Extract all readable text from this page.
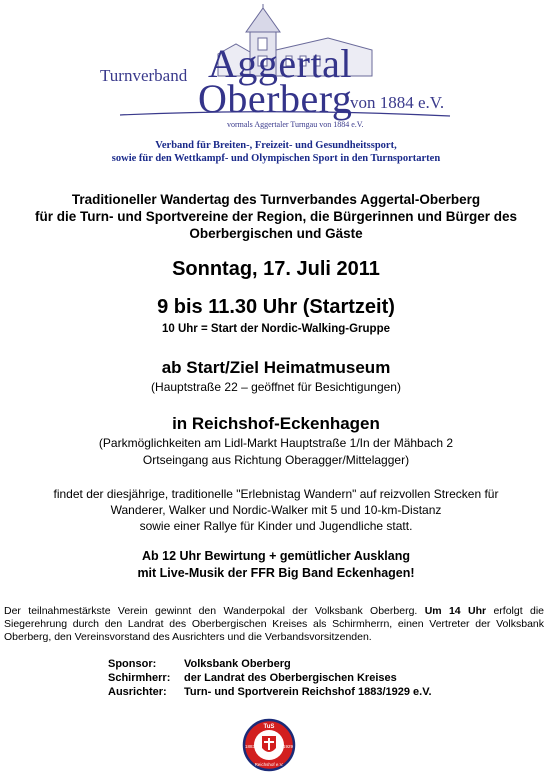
Turnverband Aggertal
Oberberg
von 1884 e.V.
vormals Aggertaler Turngau von 1884 e.V.
Verband für Breiten-, Freizeit- und Gesundheitssport,
sowie für den Wettkampf- und Olympischen Sport in den Turnsportarten
Traditioneller Wandertag des Turnverbandes Aggertal-Oberberg
für die Turn- und Sportvereine der Region, die Bürgerinnen und Bürger des
Oberbergischen und Gäste
Sonntag, 17. Juli 2011
9 bis 11.30 Uhr (Startzeit)
10 Uhr = Start der Nordic-Walking-Gruppe
ab Start/Ziel Heimatmuseum
(Hauptstraße 22 – geöffnet für Besichtigungen)
in Reichshof-Eckenhagen
(Parkmöglichkeiten am Lidl-Markt Hauptstraße 1/In der Mähbach 2
Ortseingang aus Richtung Oberagger/Mittelagger)
findet der diesjährige, traditionelle "Erlebnistag Wandern" auf reizvollen Strecken für
Wanderer, Walker und Nordic-Walker mit 5 und 10-km-Distanz
sowie einer Rallye für Kinder und Jugendliche statt.
Ab 12 Uhr Bewirtung + gemütlicher Ausklang
mit Live-Musik der FFR Big Band Eckenhagen!
Der teilnahmestärkste Verein gewinnt den Wanderpokal der Volksbank Oberberg. Um 14 Uhr erfolgt die Siegerehrung durch den Landrat des Oberbergischen Kreises als Schirmherrn, einen Vertreter der Volksbank Oberberg, den Vereinsvorstand des Ausrichters und die Verbandsvorsitzenden.
Sponsor:	Volksbank Oberberg
Schirmherr: der Landrat des Oberbergischen Kreises
Ausrichter: Turn- und Sportverein Reichshof 1883/1929 e.V.
TuS
1883	1929
Reichshof e.V.
